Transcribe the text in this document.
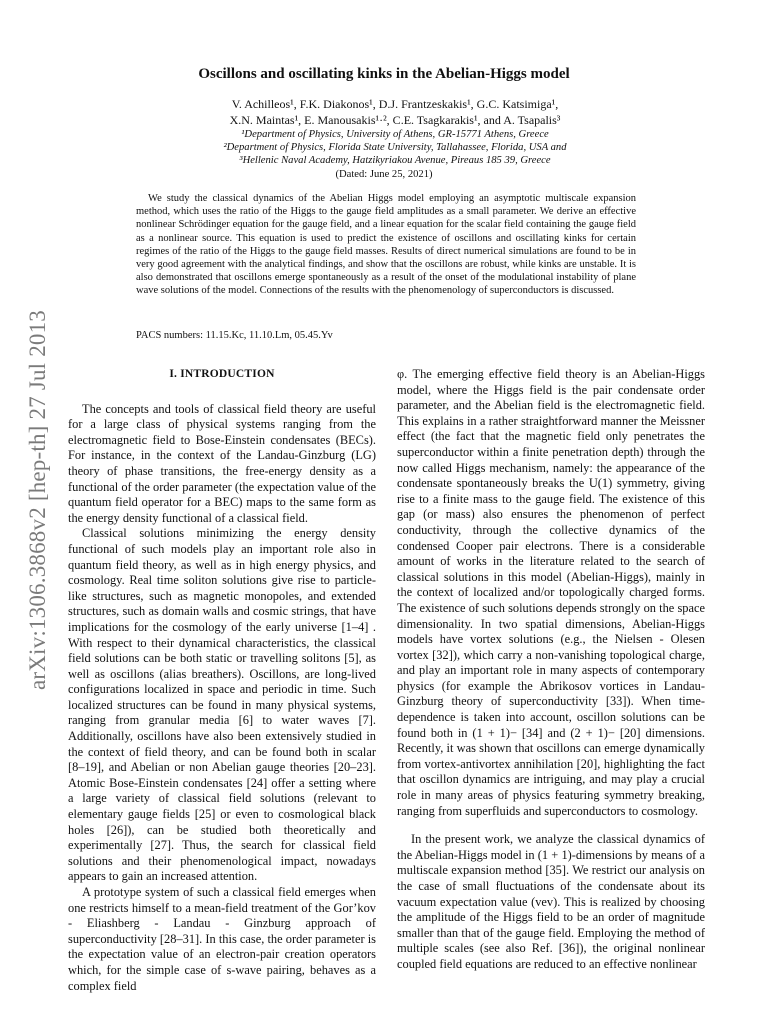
arXiv:1306.3868v2 [hep-th] 27 Jul 2013
Oscillons and oscillating kinks in the Abelian-Higgs model
V. Achilleos¹, F.K. Diakonos¹, D.J. Frantzeskakis¹, G.C. Katsimiga¹,
X.N. Maintas¹, E. Manousakis¹·², C.E. Tsagkarakis¹, and A. Tsapalis³
¹Department of Physics, University of Athens, GR-15771 Athens, Greece
²Department of Physics, Florida State University, Tallahassee, Florida, USA and
³Hellenic Naval Academy, Hatzikyriakou Avenue, Pireaus 185 39, Greece
(Dated: June 25, 2021)

We study the classical dynamics of the Abelian Higgs model employing an asymptotic multiscale expansion method, which uses the ratio of the Higgs to the gauge field amplitudes as a small parameter. We derive an effective nonlinear Schrödinger equation for the gauge field, and a linear equation for the scalar field containing the gauge field as a nonlinear source. This equation is used to predict the existence of oscillons and oscillating kinks for certain regimes of the ratio of the Higgs to the gauge field masses. Results of direct numerical simulations are found to be in very good agreement with the analytical findings, and show that the oscillons are robust, while kinks are unstable. It is also demonstrated that oscillons emerge spontaneously as a result of the onset of the modulational instability of plane wave solutions of the model. Connections of the results with the phenomenology of superconductors is discussed.

PACS numbers: 11.15.Kc, 11.10.Lm, 05.45.Yv
I. INTRODUCTION

The concepts and tools of classical field theory are useful for a large class of physical systems ranging from the electromagnetic field to Bose-Einstein condensates (BECs). For instance, in the context of the Landau-Ginzburg (LG) theory of phase transitions, the free-energy density as a functional of the order parameter (the expectation value of the quantum field operator for a BEC) maps to the same form as the energy density functional of a classical field.

Classical solutions minimizing the energy density functional of such models play an important role also in quantum field theory, as well as in high energy physics, and cosmology. Real time soliton solutions give rise to particle-like structures, such as magnetic monopoles, and extended structures, such as domain walls and cosmic strings, that have implications for the cosmology of the early universe [1–4] . With respect to their dynamical characteristics, the classical field solutions can be both static or travelling solitons [5], as well as oscillons (alias breathers). Oscillons, are long-lived configurations localized in space and periodic in time. Such localized structures can be found in many physical systems, ranging from granular media [6] to water waves [7]. Additionally, oscillons have also been extensively studied in the context of field theory, and can be found both in scalar [8–19], and Abelian or non Abelian gauge theories [20–23]. Atomic Bose-Einstein condensates [24] offer a setting where a large variety of classical field solutions (relevant to elementary gauge fields [25] or even to cosmological black holes [26]), can be studied both theoretically and experimentally [27]. Thus, the search for classical field solutions and their phenomenological impact, nowadays appears to gain an increased attention.

A prototype system of such a classical field emerges when one restricts himself to a mean-field treatment of the Gor’kov - Eliashberg - Landau - Ginzburg approach of superconductivity [28–31]. In this case, the order parameter is the expectation value of an electron-pair creation operators which, for the simple case of s-wave pairing, behaves as a complex field

φ. The emerging effective field theory is an Abelian-Higgs model, where the Higgs field is the pair condensate order parameter, and the Abelian field is the electromagnetic field. This explains in a rather straightforward manner the Meissner effect (the fact that the magnetic field only penetrates the superconductor within a finite penetration depth) through the now called Higgs mechanism, namely: the appearance of the condensate spontaneously breaks the U(1) symmetry, giving rise to a finite mass to the gauge field. The existence of this gap (or mass) also ensures the phenomenon of perfect conductivity, through the collective dynamics of the condensed Cooper pair electrons. There is a considerable amount of works in the literature related to the search of classical solutions in this model (Abelian-Higgs), mainly in the context of localized and/or topologically charged forms. The existence of such solutions depends strongly on the space dimensionality. In two spatial dimensions, Abelian-Higgs models have vortex solutions (e.g., the Nielsen - Olesen vortex [32]), which carry a non-vanishing topological charge, and play an important role in many aspects of contemporary physics (for example the Abrikosov vortices in Landau-Ginzburg theory of superconductivity [33]). When time-dependence is taken into account, oscillon solutions can be found both in (1 + 1)− [34] and (2 + 1)− [20] dimensions. Recently, it was shown that oscillons can emerge dynamically from vortex-antivortex annihilation [20], highlighting the fact that oscillon dynamics are intriguing, and may play a crucial role in many areas of physics featuring symmetry breaking, ranging from superfluids and superconductors to cosmology.

In the present work, we analyze the classical dynamics of the Abelian-Higgs model in (1 + 1)-dimensions by means of a multiscale expansion method [35]. We restrict our analysis on the case of small fluctuations of the condensate about its vacuum expectation value (vev). This is realized by choosing the amplitude of the Higgs field to be an order of magnitude smaller than that of the gauge field. Employing the method of multiple scales (see also Ref. [36]), the original nonlinear coupled field equations are reduced to an effective nonlinear
